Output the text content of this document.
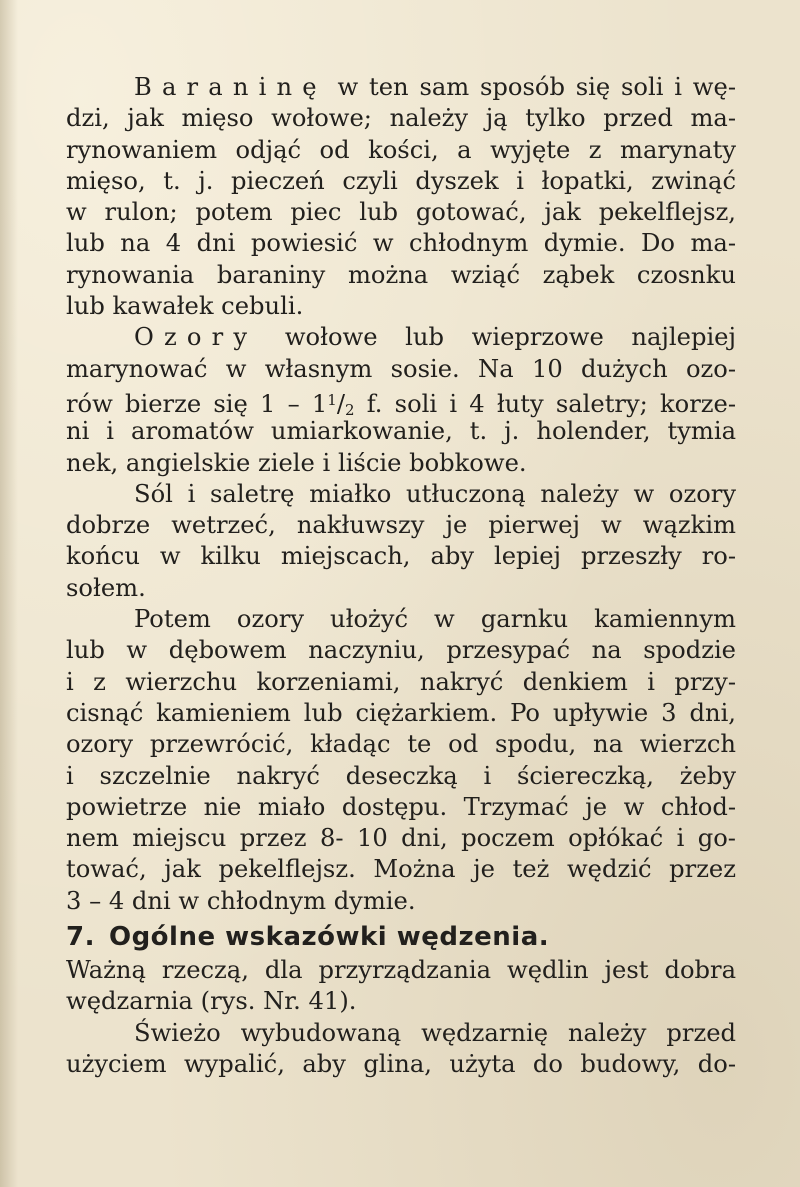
Baraninę w ten sam sposób się soli i wę-
dzi, jak mięso wołowe; należy ją tylko przed ma-
rynowaniem odjąć od kości, a wyjęte z marynaty
mięso, t. j. pieczeń czyli dyszek i łopatki, zwinąć
w rulon; potem piec lub gotować, jak pekelflejsz,
lub na 4 dni powiesić w chłodnym dymie. Do ma-
rynowania baraniny można wziąć ząbek czosnku
lub kawałek cebuli.
Ozory wołowe lub wieprzowe najlepiej
marynować w własnym sosie. Na 10 dużych ozo-
rów bierze się $1 - 1^1/_2$ f. soli i 4 łuty saletry; korze-
ni i aromatów umiarkowanie, t. j. holender, tymia
nek, angielskie ziele i liście bobkowe.
Sól i saletrę miałko utłuczoną należy w ozory
dobrze wetrzeć, nakłuwszy je pierwej w wązkim
końcu w kilku miejscach, aby lepiej przeszły ro-
sołem.
Potem ozory ułożyć w garnku kamiennym
lub w dębowem naczyniu, przesypać na spodzie
i z wierzchu korzeniami, nakryć denkiem i przy-
cisnąć kamieniem lub ciężarkiem. Po upływie 3 dni,
ozory przewrócić, kładąc te od spodu, na wierzch
i szczelnie nakryć deseczką i ściereczką, żeby
powietrze nie miało dostępu. Trzymać je w chłod-
nem miejscu przez 8- 10 dni, poczem opłókać i go-
tować, jak pekelflejsz. Można je też wędzić przez
3 – 4 dni w chłodnym dymie.
7. Ogólne wskazówki wędzenia.
Ważną rzeczą, dla przyrządzania wędlin jest dobra
wędzarnia (rys. Nr. 41).
Świeżo wybudowaną wędzarnię należy przed
użyciem wypalić, aby glina, użyta do budowy, do-
